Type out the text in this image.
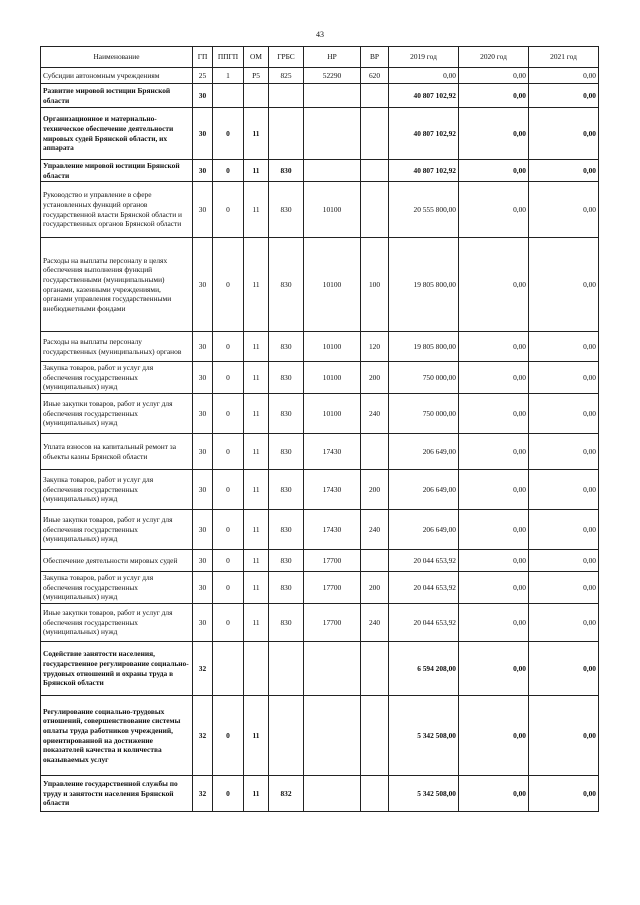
43
Наименование	ГП	ППГП	ОМ	ГРБС	НР	ВР	2019 год	2020 год	2021 год
Субсидии автономным учреждениям	25	1	P5	825	52290	620	0,00	0,00	0,00
Развитие мировой юстиции Брянской области	30						40 807 102,92	0,00	0,00
Организационное и материально-техническое обеспечение деятельности мировых судей Брянской области, их аппарата	30	0	11				40 807 102,92	0,00	0,00
Управление мировой юстиции Брянской области	30	0	11	830			40 807 102,92	0,00	0,00
Руководство и управление в сфере установленных функций органов государственной власти Брянской области и государственных органов Брянской области	30	0	11	830	10100		20 555 800,00	0,00	0,00
Расходы на выплаты персоналу в целях обеспечения выполнения функций государственными (муниципальными) органами, казенными учреждениями, органами управления государственными внебюджетными фондами	30	0	11	830	10100	100	19 805 800,00	0,00	0,00
Расходы на выплаты персоналу государственных (муниципальных) органов	30	0	11	830	10100	120	19 805 800,00	0,00	0,00
Закупка товаров, работ и услуг для обеспечения государственных (муниципальных) нужд	30	0	11	830	10100	200	750 000,00	0,00	0,00
Иные закупки товаров, работ и услуг для обеспечения государственных (муниципальных) нужд	30	0	11	830	10100	240	750 000,00	0,00	0,00
Уплата взносов на капитальный ремонт за объекты казны Брянской области	30	0	11	830	17430		206 649,00	0,00	0,00
Закупка товаров, работ и услуг для обеспечения государственных (муниципальных) нужд	30	0	11	830	17430	200	206 649,00	0,00	0,00
Иные закупки товаров, работ и услуг для обеспечения государственных (муниципальных) нужд	30	0	11	830	17430	240	206 649,00	0,00	0,00
Обеспечение деятельности мировых судей	30	0	11	830	17700		20 044 653,92	0,00	0,00
Закупка товаров, работ и услуг для обеспечения государственных (муниципальных) нужд	30	0	11	830	17700	200	20 044 653,92	0,00	0,00
Иные закупки товаров, работ и услуг для обеспечения государственных (муниципальных) нужд	30	0	11	830	17700	240	20 044 653,92	0,00	0,00
Содействие занятости населения, государственное регулирование социально-трудовых отношений и охраны труда в Брянской области	32						6 594 208,00	0,00	0,00
Регулирование социально-трудовых отношений, совершенствование системы оплаты труда работников учреждений, ориентированной на достижение показателей качества и количества оказываемых услуг	32	0	11				5 342 508,00	0,00	0,00
Управление государственной службы по труду и занятости населения Брянской области	32	0	11	832			5 342 508,00	0,00	0,00
